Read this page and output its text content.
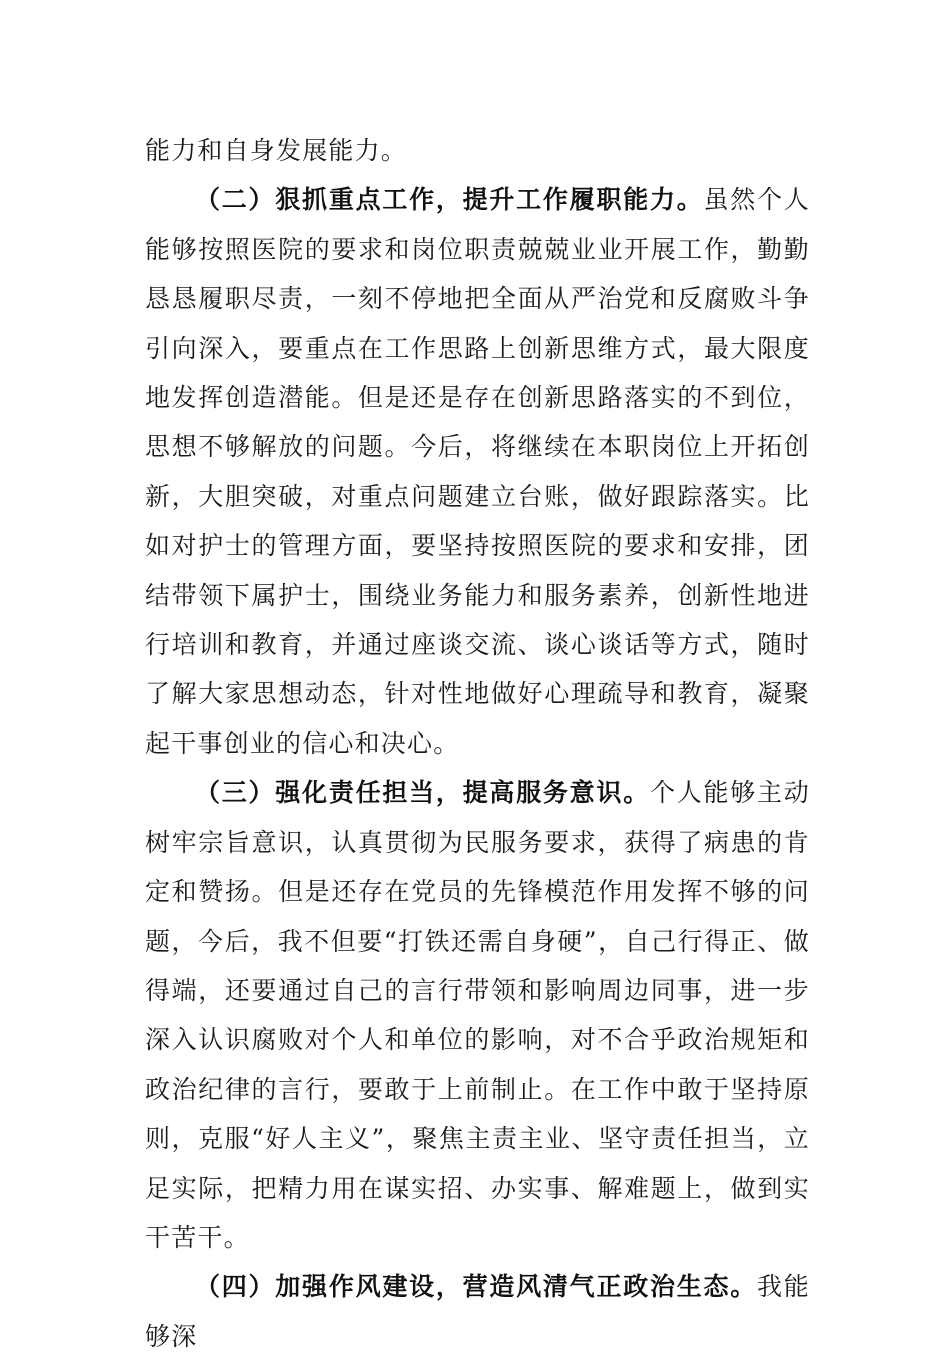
能力和自身发展能力。

（二）狠抓重点工作，提升工作履职能力。虽然个人能够按照医院的要求和岗位职责兢兢业业开展工作，勤勤恳恳履职尽责，一刻不停地把全面从严治党和反腐败斗争引向深入，要重点在工作思路上创新思维方式，最大限度地发挥创造潜能。但是还是存在创新思路落实的不到位，思想不够解放的问题。今后，将继续在本职岗位上开拓创新，大胆突破，对重点问题建立台账，做好跟踪落实。比如对护士的管理方面，要坚持按照医院的要求和安排，团结带领下属护士，围绕业务能力和服务素养，创新性地进行培训和教育，并通过座谈交流、谈心谈话等方式，随时了解大家思想动态，针对性地做好心理疏导和教育，凝聚起干事创业的信心和决心。

（三）强化责任担当，提高服务意识。个人能够主动树牢宗旨意识，认真贯彻为民服务要求，获得了病患的肯定和赞扬。但是还存在党员的先锋模范作用发挥不够的问题，今后，我不但要“打铁还需自身硬”，自己行得正、做得端，还要通过自己的言行带领和影响周边同事，进一步深入认识腐败对个人和单位的影响，对不合乎政治规矩和政治纪律的言行，要敢于上前制止。在工作中敢于坚持原则，克服“好人主义”，聚焦主责主业、坚守责任担当，立足实际，把精力用在谋实招、办实事、解难题上，做到实干苦干。

（四）加强作风建设，营造风清气正政治生态。我能够深
